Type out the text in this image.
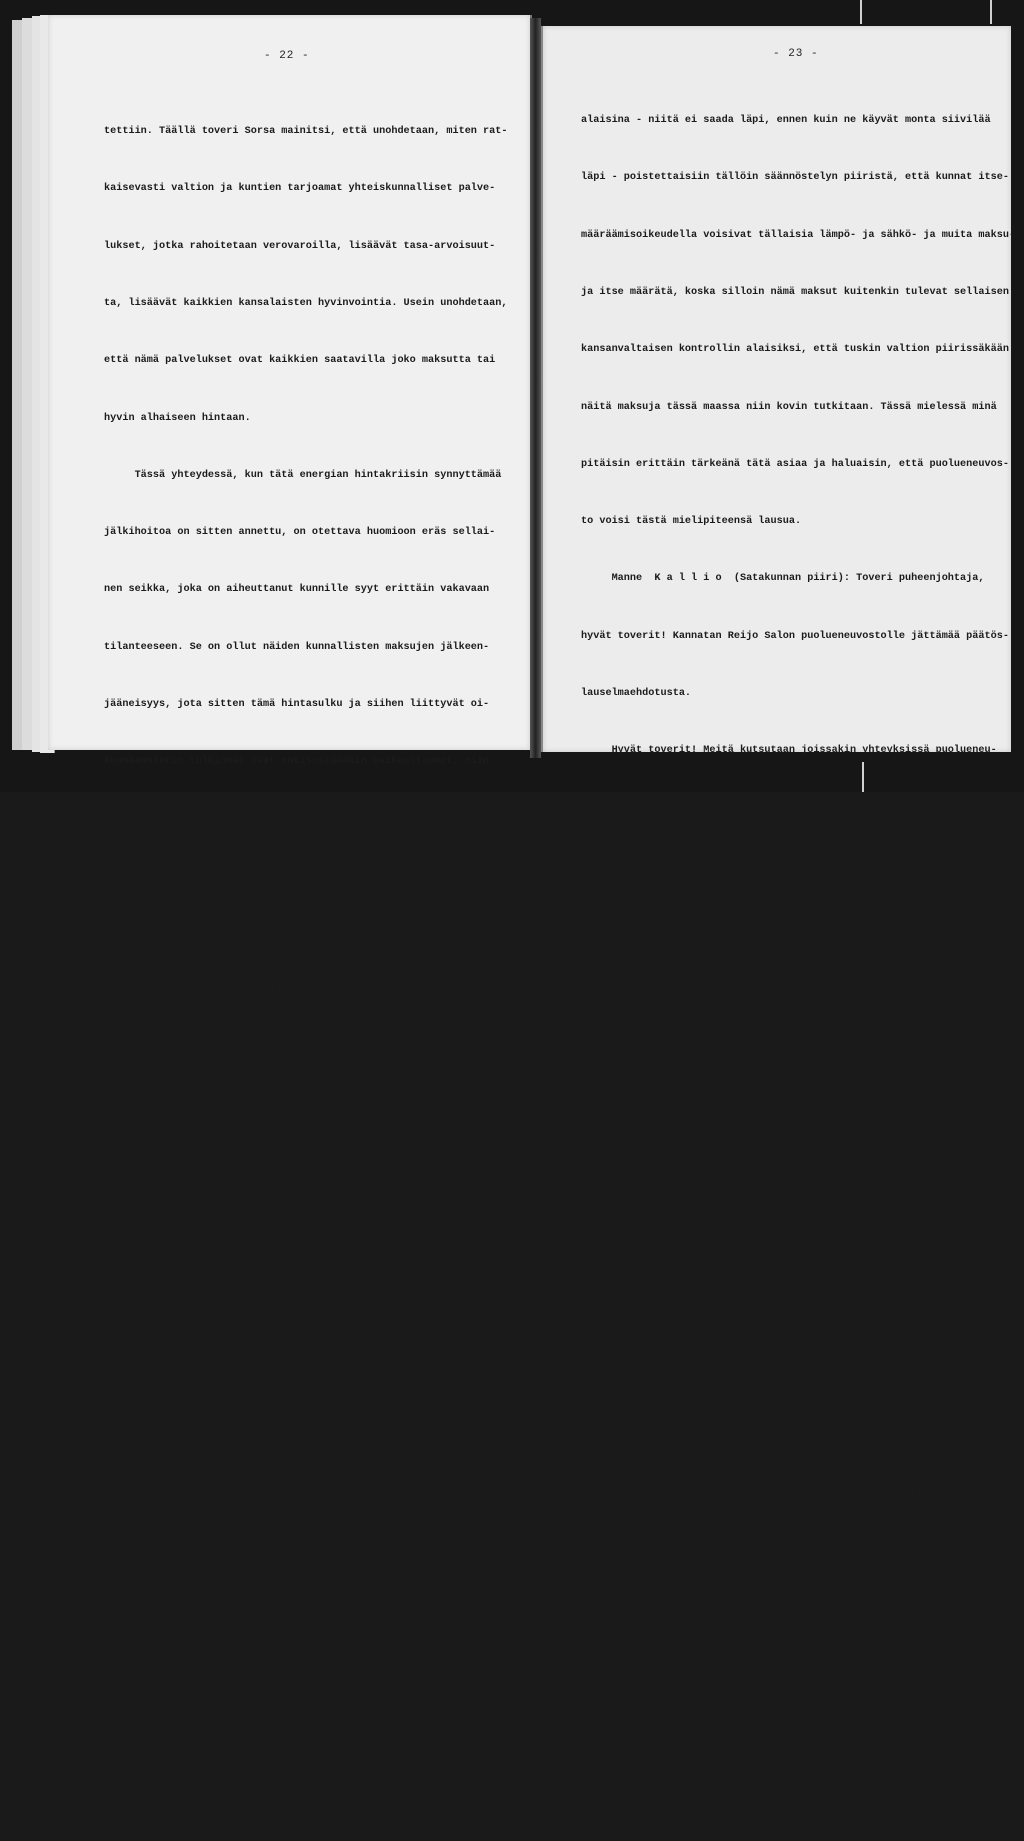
- 22 -

tettiin. Täällä toveri Sorsa mainitsi, että unohdetaan, miten rat-

kaisevasti valtion ja kuntien tarjoamat yhteiskunnalliset palve-

lukset, jotka rahoitetaan verovaroilla, lisäävät tasa-arvoisuut-

ta, lisäävät kaikkien kansalaisten hyvinvointia. Usein unohdetaan,

että nämä palvelukset ovat kaikkien saatavilla joko maksutta tai

hyvin alhaiseen hintaan.

Tässä yhteydessä, kun tätä energian hintakriisin synnyttämää

jälkihoitoa on sitten annettu, on otettava huomioon eräs sellai-

nen seikka, joka on aiheuttanut kunnille syyt erittäin vakavaan

tilanteeseen. Se on ollut näiden kunnallisten maksujen jälkeen-

jääneisyys, jota sitten tämä hintasulku ja siihen liittyvät oi-

keuskanslerin tulkinnat ovat entisestäänkin vaikeuttaneet, niin

että mm. kaupungissa, mistä minä olen sieltä rajalta - Lappeenran-

ta - ellemme näissä asioissa pääse johonkin meitä tyydyttävään

ratkaisuun, niin me emme voi taata, kuinka meidän kunnallisvero-

äyrimme kohoaa, koska me tällä hetkellä joudumme mm. kaukolämpöä

hankkimaan täällä, ja vaikuttaa siltä, että valtiovalta on vaatinut,

että kunnat lähtevät tätä kaukolämpöä edelleen kehittämään tässä

energiapoliittisessa tilanteessa, koska se kansantaloudellisesti,

ainakin jos se tuotetaan vastapainelämpönä, on erittäin edullinen

kansantaloudellinen ratkaisu.

Asia olisi kannatettava, mutta meille tulee tässä nyt seinä

vastaan, ellei näitä maksuja päästä panemaan sille tasolle. Emme

me voi kuitenkaan lähteä siitä, että me perimme sellaisiltakin

veronmaksajilta korkeaa veroäyrin hintaa, jotka maksavat muuten-

kin jo, jos niillä on jokin muu lämpölähde kuin kaukolämpö, kor-

keampaa energian hintaa tässä tilanteessa. Tässä mielessä minä

haluaisin erityisesti, että puolueneuvosto antaisi sellaisen jon-

kinlaisen kannanoton, että nämä kunnalliset maksut, jotka synty-

vät varmasti kovan kontrollin, kovan yhteiskunnallisen valvonnan

- 23 -

alaisina - niitä ei saada läpi, ennen kuin ne käyvät monta siivilää

läpi - poistettaisiin tällöin säännöstelyn piiristä, että kunnat itse-

määräämisoikeudella voisivat tällaisia lämpö- ja sähkö- ja muita maksu-

ja itse määrätä, koska silloin nämä maksut kuitenkin tulevat sellaisen

kansanvaltaisen kontrollin alaisiksi, että tuskin valtion piirissäkään

näitä maksuja tässä maassa niin kovin tutkitaan. Tässä mielessä minä

pitäisin erittäin tärkeänä tätä asiaa ja haluaisin, että puolueneuvos-

to voisi tästä mielipiteensä lausua.

Manne  K a l l i o  (Satakunnan piiri): Toveri puheenjohtaja,

hyvät toverit! Kannatan Reijo Salon puolueneuvostolle jättämää päätös-

lauselmaehdotusta.

Hyvät toverit! Meitä kutsutaan joissakin yhteyksissä puolueneu-

voksiksi. Meille on annettu valtuutus päättää koko kansaa koskevista

asioista. Tämän valtuutuksen ovat meille antaneet puolueen toverit ken-

tällä, jotka vuosikymmenien aikana ovat tulleet tuntemaan meidät työm-

me ja toimintamme perusteella, ehkä ennen kaikkea sen vuoksi, että

demme heidän mielestään parhaiten kyenneet soveltamaan sosialidemokra-

tiaa arkipäivän elämässä ja toiminnoissa ihmisten hyväksi, jota työtä

sosialidemokratia on.

Se teistä, hyvät toverit, joka tuntee saaneensa valtuudet istua

tässä salissa ja tämän puolueneuvoston päätösvaltaisena jäsenenä edel-

lä mainituilla perusteilla, olet juuri se mies tai nainen, puoluetove-

ri, jolle minä nyt haluan puhua. En ensisijaisesti puhu ministereille,

vaan juuri sinulle, joka olet ehkä koko elämäsi ajan joutunut taiste-

lemaan sekä puolueessa että ammattiyhdistysliikkeessä että kunnallis-

valtuustoissa sosialidemokraattisten tavoitteiden puolesta ja voit

nyt iloita esimerkiksi siitä, että me edelleenkin elämme vapaassa ja

itsenäisessä Suomen valtiossa. Puhun myös sinulle, joka iloitset sii-

tä, että sosialidemokraattisen puolueen olemassaolon perusehto, parla-

mentaarinen kansanvalta, on vielä voimassa tässä maassa. Sinulle minä
